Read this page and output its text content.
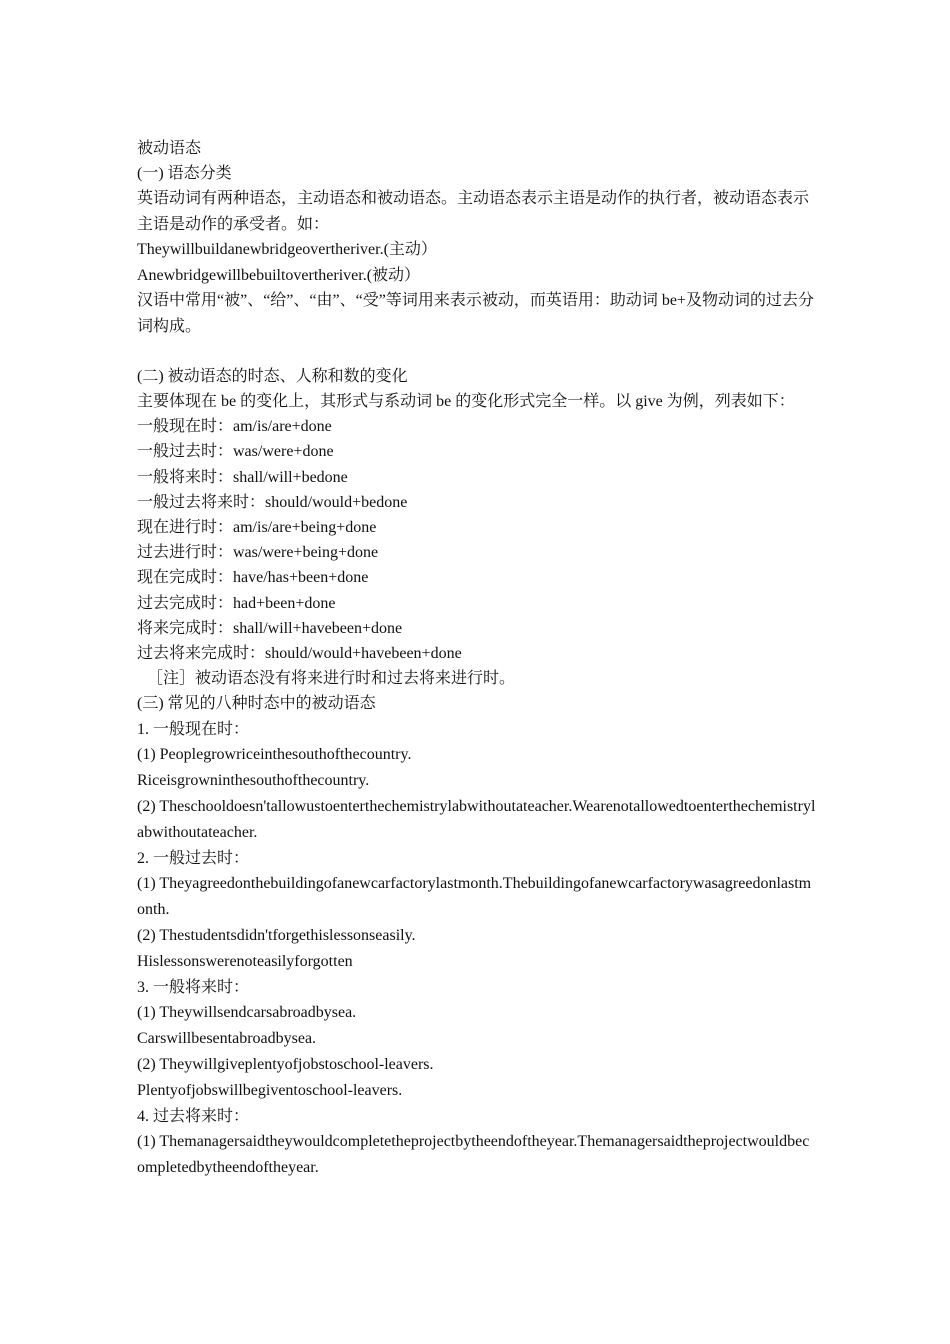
被动语态
(一) 语态分类
英语动词有两种语态，主动语态和被动语态。主动语态表示主语是动作的执行者，被动语态表示主语是动作的承受者。如：
Theywillbuildanewbridgeovertheriver.(主动）
Anewbridgewillbebuiltovertheriver.(被动）
汉语中常用“被”、“给”、“由”、“受”等词用来表示被动，而英语用：助动词 be+及物动词的过去分词构成。
(二) 被动语态的时态、人称和数的变化
主要体现在 be 的变化上，其形式与系动词 be 的变化形式完全一样。以 give 为例，列表如下：
一般现在时：am/is/are+done
一般过去时：was/were+done
一般将来时：shall/will+bedone
一般过去将来时：should/would+bedone
现在进行时：am/is/are+being+done
过去进行时：was/were+being+done
现在完成时：have/has+been+done
过去完成时：had+been+done
将来完成时：shall/will+havebeen+done
过去将来完成时：should/would+havebeen+done
［注］被动语态没有将来进行时和过去将来进行时。
(三) 常见的八种时态中的被动语态
1. 一般现在时：
(1) Peoplegrowriceinthesouthofthecountry.
Riceisgrowninthesouthofthecountry.
(2) Theschooldoesn'tallowustoenterthechemistrylabwithoutateacher.Wearenotallowedtoenterthechemistrylabwithoutateacher.
2. 一般过去时：
(1) Theyagreedonthebuildingofanewcarfactorylastmonth.Thebuildingofanewcarfactorywasagreedonlastmonth.
(2) Thestudentsdidn'tforgethislessonseasily.
Hislessonswerenoteasilyforgotten
3. 一般将来时：
(1) Theywillsendcarsabroadbysea.
Carswillbesentabroadbysea.
(2) Theywillgiveplentyofjobstoschool-leavers.
Plentyofjobswillbegiventoschool-leavers.
4. 过去将来时：
(1) Themanagersaidtheywouldcompletetheprojectbytheendoftheyear.Themanagersaidtheprojectwouldbecompletedbytheendoftheyear.
